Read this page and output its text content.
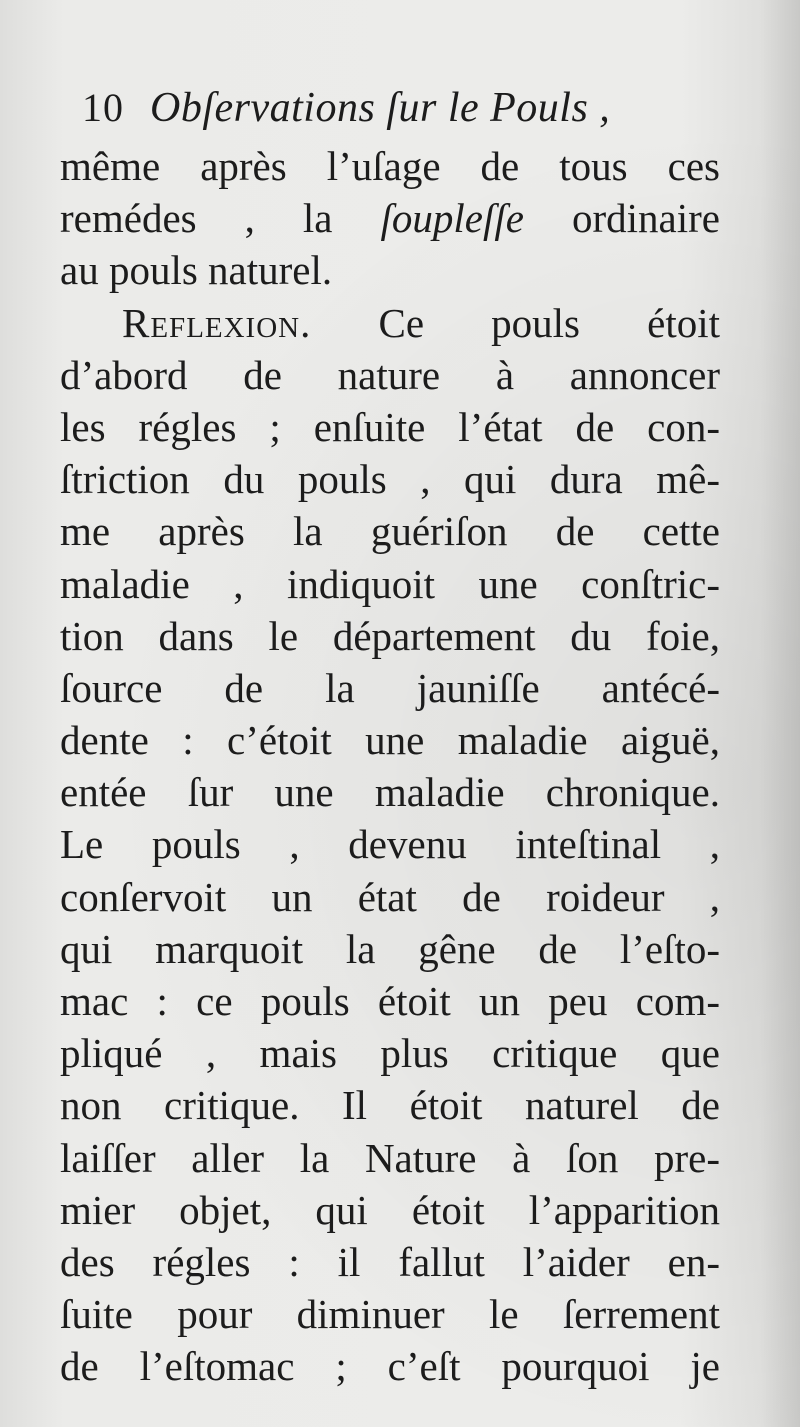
10 Obſervations ſur le Pouls ,
même après l’uſage de tous ces
remédes , la ſoupleſſe ordinaire
au pouls naturel.
Reflexion. Ce pouls étoit
d’abord de nature à annoncer
les régles ; enſuite l’état de con-
ſtriction du pouls , qui dura mê-
me après la guériſon de cette
maladie , indiquoit une conſtric-
tion dans le département du foie,
ſource de la jauniſſe antécé-
dente : c’étoit une maladie aiguë,
entée ſur une maladie chronique.
Le pouls , devenu inteſtinal ,
conſervoit un état de roideur ,
qui marquoit la gêne de l’eſto-
mac : ce pouls étoit un peu com-
pliqué , mais plus critique que
non critique. Il étoit naturel de
laiſſer aller la Nature à ſon pre-
mier objet, qui étoit l’apparition
des régles : il fallut l’aider en-
ſuite pour diminuer le ſerrement
de l’eſtomac ; c’eſt pourquoi je
